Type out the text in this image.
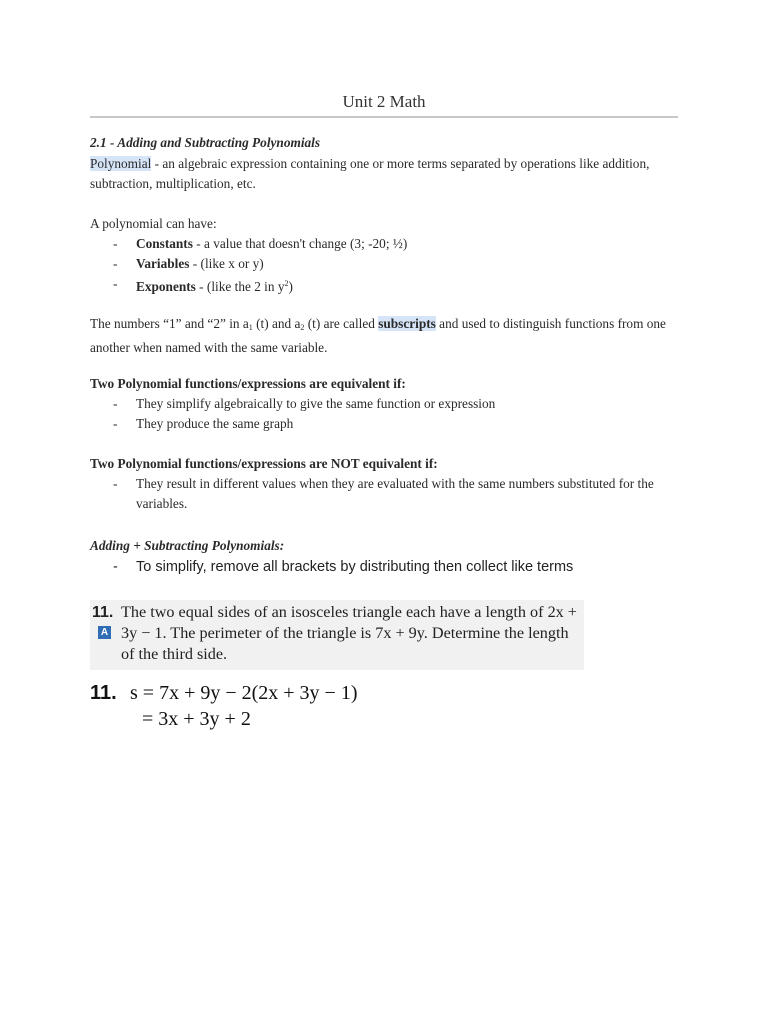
Unit 2 Math
2.1 - Adding and Subtracting Polynomials
Polynomial - an algebraic expression containing one or more terms separated by operations like addition, subtraction, multiplication, etc.
A polynomial can have:
- Constants - a value that doesn't change (3; -20; ½)
- Variables - (like x or y)
- Exponents - (like the 2 in $y^2$)
The numbers “1” and “2” in $a_1$ (t) and $a_2$ (t) are called subscripts and used to distinguish functions from one another when named with the same variable.
Two Polynomial functions/expressions are equivalent if:
- They simplify algebraically to give the same function or expression
- They produce the same graph
Two Polynomial functions/expressions are NOT equivalent if:
- They result in different values when they are evaluated with the same numbers substituted for the variables.
Adding + Subtracting Polynomials:
- To simplify, remove all brackets by distributing then collect like terms
11.
A
The two equal sides of an isosceles triangle each have a length of 2x + 3y − 1. The perimeter of the triangle is 7x + 9y. Determine the length of the third side.
11. s = 7x + 9y − 2(2x + 3y − 1)
= 3x + 3y + 2
